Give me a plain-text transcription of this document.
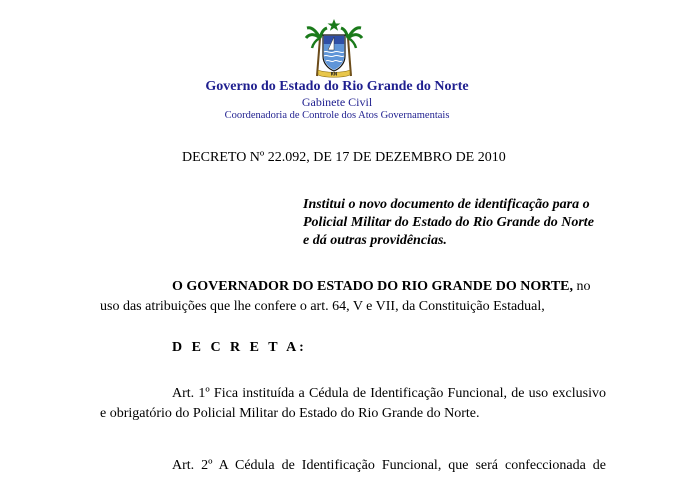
RN
Governo do Estado do Rio Grande do Norte
Gabinete Civil
Coordenadoria de Controle dos Atos Governamentais
DECRETO Nº 22.092, DE 17 DE DEZEMBRO DE 2010
Institui o novo documento de identificação para o
Policial Militar do Estado do Rio Grande do Norte
e dá outras providências.
O GOVERNADOR DO ESTADO DO RIO GRANDE DO NORTE, no
uso das atribuições que lhe confere o art. 64, V e VII, da Constituição Estadual,
D E C R E T A:
Art. 1º Fica instituída a Cédula de Identificação Funcional, de uso exclusivo
e obrigatório do Policial Militar do Estado do Rio Grande do Norte.
Art. 2º A Cédula de Identificação Funcional, que será confeccionada de
